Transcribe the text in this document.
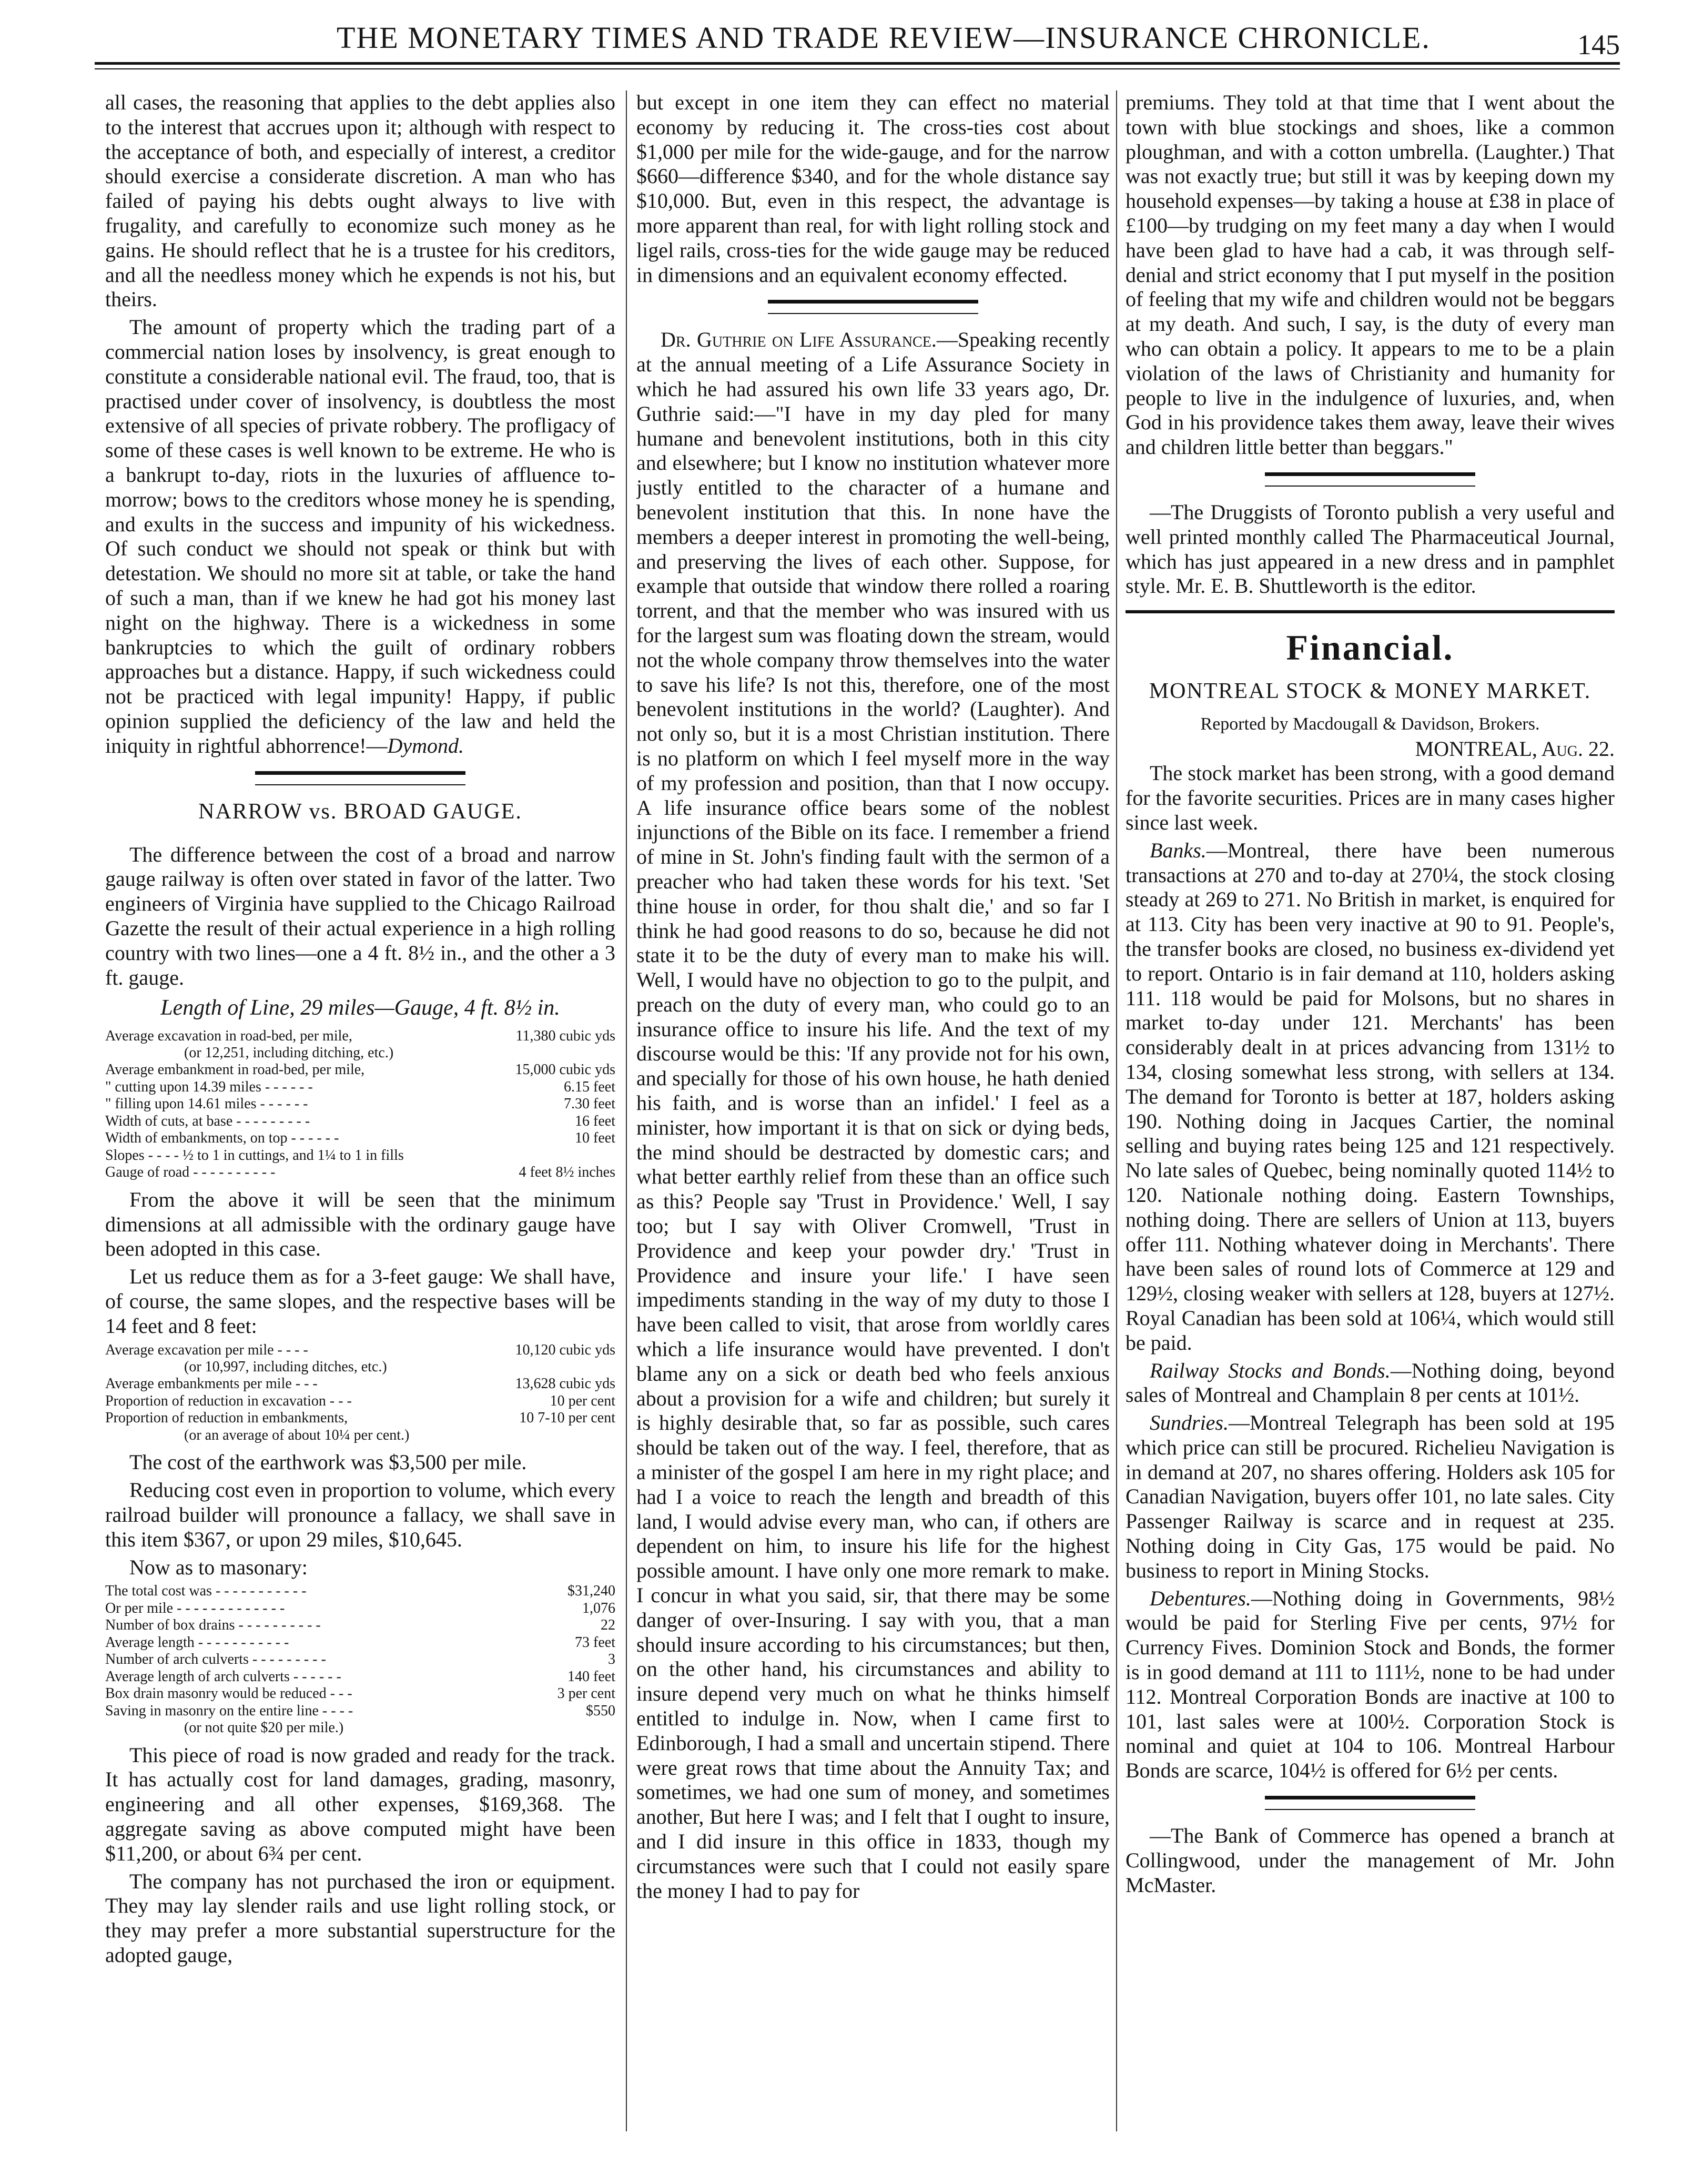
THE MONETARY TIMES AND TRADE REVIEW—INSURANCE CHRONICLE.	145

all cases, the reasoning that applies to the debt applies also to the interest that accrues upon it; although with respect to the acceptance of both, and especially of interest, a creditor should exercise a considerate discretion. A man who has failed of paying his debts ought always to live with frugality, and carefully to economize such money as he gains. He should reflect that he is a trustee for his creditors, and all the needless money which he expends is not his, but theirs.

The amount of property which the trading part of a commercial nation loses by insolvency, is great enough to constitute a considerable national evil. The fraud, too, that is practised under cover of insolvency, is doubtless the most extensive of all species of private robbery. The profligacy of some of these cases is well known to be extreme. He who is a bankrupt to-day, riots in the luxuries of affluence to-morrow; bows to the creditors whose money he is spending, and exults in the success and impunity of his wickedness. Of such conduct we should not speak or think but with detestation. We should no more sit at table, or take the hand of such a man, than if we knew he had got his money last night on the highway. There is a wickedness in some bankruptcies to which the guilt of ordinary robbers approaches but a distance. Happy, if such wickedness could not be practiced with legal impunity! Happy, if public opinion supplied the deficiency of the law and held the iniquity in rightful abhorrence!—Dymond.

NARROW vs. BROAD GAUGE.

The difference between the cost of a broad and narrow gauge railway is often over stated in favor of the latter. Two engineers of Virginia have supplied to the Chicago Railroad Gazette the result of their actual experience in a high rolling country with two lines—one a 4 ft. 8½ in., and the other a 3 ft. gauge.

Length of Line, 29 miles—Gauge, 4 ft. 8½ in.
Average excavation in road-bed, per mile,	11,380 cubic yds
(or 12,251, including ditching, etc.)
Average embankment in road-bed, per mile,	15,000 cubic yds
" cutting upon 14.39 miles - - - - - -	6.15 feet
" filling upon 14.61 miles - - - - - -	7.30 feet
Width of cuts, at base - - - - - - - - -	16 feet
Width of embankments, on top - - - - - -	10 feet
Slopes - - - - ½ to 1 in cuttings, and 1¼ to 1 in fills
Gauge of road - - - - - - - - - -	4 feet 8½ inches

From the above it will be seen that the minimum dimensions at all admissible with the ordinary gauge have been adopted in this case.

Let us reduce them as for a 3-feet gauge: We shall have, of course, the same slopes, and the respective bases will be 14 feet and 8 feet:

Average excavation per mile - - - -	10,120 cubic yds
(or 10,997, including ditches, etc.)
Average embankments per mile - - -	13,628 cubic yds
Proportion of reduction in excavation - - -	10 per cent
Proportion of reduction in embankments,	10 7-10 per cent
(or an average of about 10¼ per cent.)

The cost of the earthwork was $3,500 per mile.

Reducing cost even in proportion to volume, which every railroad builder will pronounce a fallacy, we shall save in this item $367, or upon 29 miles, $10,645.

Now as to masonary:

The total cost was - - - - - - - - - - -	$31,240
Or per mile - - - - - - - - - - - - -	1,076
Number of box drains - - - - - - - - - -	22
Average length - - - - - - - - - - -	73 feet
Number of arch culverts - - - - - - - - -	3
Average length of arch culverts - - - - - -	140 feet
Box drain masonry would be reduced - - -	3 per cent
Saving in masonry on the entire line - - - -	$550
(or not quite $20 per mile.)

This piece of road is now graded and ready for the track. It has actually cost for land damages, grading, masonry, engineering and all other expenses, $169,368. The aggregate saving as above computed might have been $11,200, or about 6¾ per cent.

The company has not purchased the iron or equipment. They may lay slender rails and use light rolling stock, or they may prefer a more substantial superstructure for the adopted gauge,

but except in one item they can effect no material economy by reducing it. The cross-ties cost about $1,000 per mile for the wide-gauge, and for the narrow $660—difference $340, and for the whole distance say $10,000. But, even in this respect, the advantage is more apparent than real, for with light rolling stock and ligel rails, cross-ties for the wide gauge may be reduced in dimensions and an equivalent economy effected.

Dr. Guthrie on Life Assurance.—Speaking recently at the annual meeting of a Life Assurance Society in which he had assured his own life 33 years ago, Dr. Guthrie said:—"I have in my day pled for many humane and benevolent institutions, both in this city and elsewhere; but I know no institution whatever more justly entitled to the character of a humane and benevolent institution that this. In none have the members a deeper interest in promoting the well-being, and preserving the lives of each other. Suppose, for example that outside that window there rolled a roaring torrent, and that the member who was insured with us for the largest sum was floating down the stream, would not the whole company throw themselves into the water to save his life? Is not this, therefore, one of the most benevolent institutions in the world? (Laughter). And not only so, but it is a most Christian institution. There is no platform on which I feel myself more in the way of my profession and position, than that I now occupy. A life insurance office bears some of the noblest injunctions of the Bible on its face. I remember a friend of mine in St. John's finding fault with the sermon of a preacher who had taken these words for his text. 'Set thine house in order, for thou shalt die,' and so far I think he had good reasons to do so, because he did not state it to be the duty of every man to make his will. Well, I would have no objection to go to the pulpit, and preach on the duty of every man, who could go to an insurance office to insure his life. And the text of my discourse would be this: 'If any provide not for his own, and specially for those of his own house, he hath denied his faith, and is worse than an infidel.' I feel as a minister, how important it is that on sick or dying beds, the mind should be destracted by domestic cars; and what better earthly relief from these than an office such as this? People say 'Trust in Providence.' Well, I say too; but I say with Oliver Cromwell, 'Trust in Providence and keep your powder dry.' 'Trust in Providence and insure your life.' I have seen impediments standing in the way of my duty to those I have been called to visit, that arose from worldly cares which a life insurance would have prevented. I don't blame any on a sick or death bed who feels anxious about a provision for a wife and children; but surely it is highly desirable that, so far as possible, such cares should be taken out of the way. I feel, therefore, that as a minister of the gospel I am here in my right place; and had I a voice to reach the length and breadth of this land, I would advise every man, who can, if others are dependent on him, to insure his life for the highest possible amount. I have only one more remark to make. I concur in what you said, sir, that there may be some danger of over-Insuring. I say with you, that a man should insure according to his circumstances; but then, on the other hand, his circumstances and ability to insure depend very much on what he thinks himself entitled to indulge in. Now, when I came first to Edinborough, I had a small and uncertain stipend. There were great rows that time about the Annuity Tax; and sometimes, we had one sum of money, and sometimes another, But here I was; and I felt that I ought to insure, and I did insure in this office in 1833, though my circumstances were such that I could not easily spare the money I had to pay for

premiums. They told at that time that I went about the town with blue stockings and shoes, like a common ploughman, and with a cotton umbrella. (Laughter.) That was not exactly true; but still it was by keeping down my household expenses—by taking a house at £38 in place of £100—by trudging on my feet many a day when I would have been glad to have had a cab, it was through self-denial and strict economy that I put myself in the position of feeling that my wife and children would not be beggars at my death. And such, I say, is the duty of every man who can obtain a policy. It appears to me to be a plain violation of the laws of Christianity and humanity for people to live in the indulgence of luxuries, and, when God in his providence takes them away, leave their wives and children little better than beggars."

—The Druggists of Toronto publish a very useful and well printed monthly called The Pharmaceutical Journal, which has just appeared in a new dress and in pamphlet style. Mr. E. B. Shuttleworth is the editor.

Financial.
MONTREAL STOCK & MONEY MARKET.
Reported by Macdougall & Davidson, Brokers.
MONTREAL, Aug. 22.

The stock market has been strong, with a good demand for the favorite securities. Prices are in many cases higher since last week.

Banks.—Montreal, there have been numerous transactions at 270 and to-day at 270¼, the stock closing steady at 269 to 271. No British in market, is enquired for at 113. City has been very inactive at 90 to 91. People's, the transfer books are closed, no business ex-dividend yet to report. Ontario is in fair demand at 110, holders asking 111. 118 would be paid for Molsons, but no shares in market to-day under 121. Merchants' has been considerably dealt in at prices advancing from 131½ to 134, closing somewhat less strong, with sellers at 134. The demand for Toronto is better at 187, holders asking 190. Nothing doing in Jacques Cartier, the nominal selling and buying rates being 125 and 121 respectively. No late sales of Quebec, being nominally quoted 114½ to 120. Nationale nothing doing. Eastern Townships, nothing doing. There are sellers of Union at 113, buyers offer 111. Nothing whatever doing in Merchants'. There have been sales of round lots of Commerce at 129 and 129½, closing weaker with sellers at 128, buyers at 127½. Royal Canadian has been sold at 106¼, which would still be paid.

Railway Stocks and Bonds.—Nothing doing, beyond sales of Montreal and Champlain 8 per cents at 101½.

Sundries.—Montreal Telegraph has been sold at 195 which price can still be procured. Richelieu Navigation is in demand at 207, no shares offering. Holders ask 105 for Canadian Navigation, buyers offer 101, no late sales. City Passenger Railway is scarce and in request at 235. Nothing doing in City Gas, 175 would be paid. No business to report in Mining Stocks.

Debentures.—Nothing doing in Governments, 98½ would be paid for Sterling Five per cents, 97½ for Currency Fives. Dominion Stock and Bonds, the former is in good demand at 111 to 111½, none to be had under 112. Montreal Corporation Bonds are inactive at 100 to 101, last sales were at 100½. Corporation Stock is nominal and quiet at 104 to 106. Montreal Harbour Bonds are scarce, 104½ is offered for 6½ per cents.

—The Bank of Commerce has opened a branch at Collingwood, under the management of Mr. John McMaster.
